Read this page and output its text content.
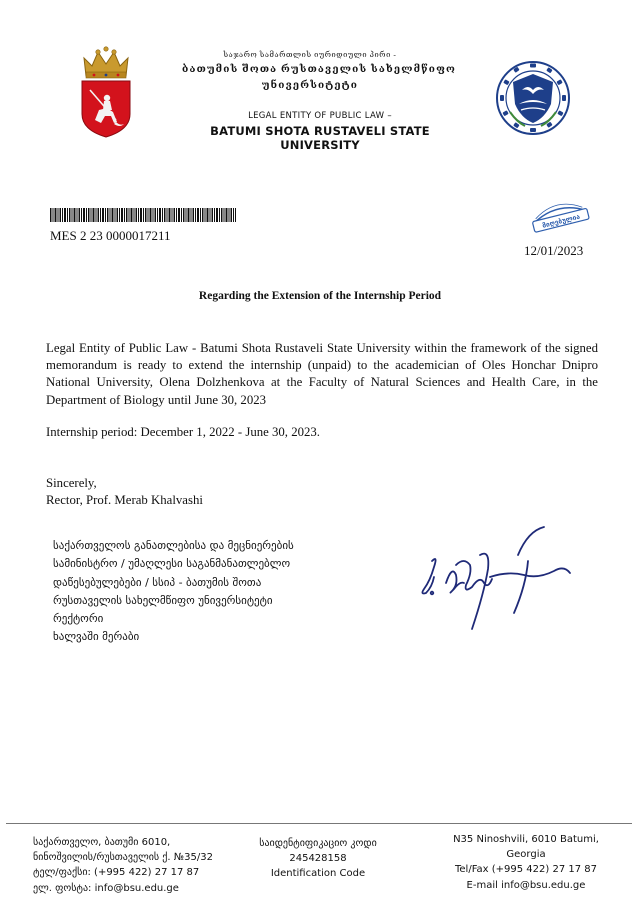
საჯარო სამართლის იურიდიული პირი -
ბათუმის შოთა რუსთაველის სახელმწიფო
უნივერსიტეტი
LEGAL ENTITY OF PUBLIC LAW –
BATUMI SHOTA RUSTAVELI STATE UNIVERSITY
MES 2 23 0000017211
მიღებულია
12/01/2023
Regarding the Extension of the Internship Period
Legal Entity of Public Law - Batumi Shota Rustaveli State University within the framework of the signed memorandum is ready to extend the internship (unpaid) to the academician of Oles Honchar Dnipro National University, Olena Dolzhenkova at the Faculty of Natural Sciences and Health Care, in the Department of Biology until June 30, 2023
Internship period: December 1, 2022 - June 30, 2023.
Sincerely,
Rector, Prof. Merab Khalvashi
საქართველოს განათლებისა და მეცნიერების
სამინისტრო / უმაღლესი საგანმანათლებლო
დაწესებულებები / სსიპ - ბათუმის შოთა
რუსთაველის სახელმწიფო უნივერსიტეტი
რექტორი
ხალვაში მერაბი
საქართველო, ბათუმი 6010,
ნინოშვილის/რუსთაველის ქ. №35/32
ტელ/ფაქსი: (+995 422) 27 17 87
ელ. ფოსტა: info@bsu.edu.ge
საიდენტიფიკაციო კოდი
245428158
Identification Code
N35 Ninoshvili, 6010 Batumi,
Georgia
Tel/Fax (+995 422) 27 17 87
E-mail info@bsu.edu.ge
